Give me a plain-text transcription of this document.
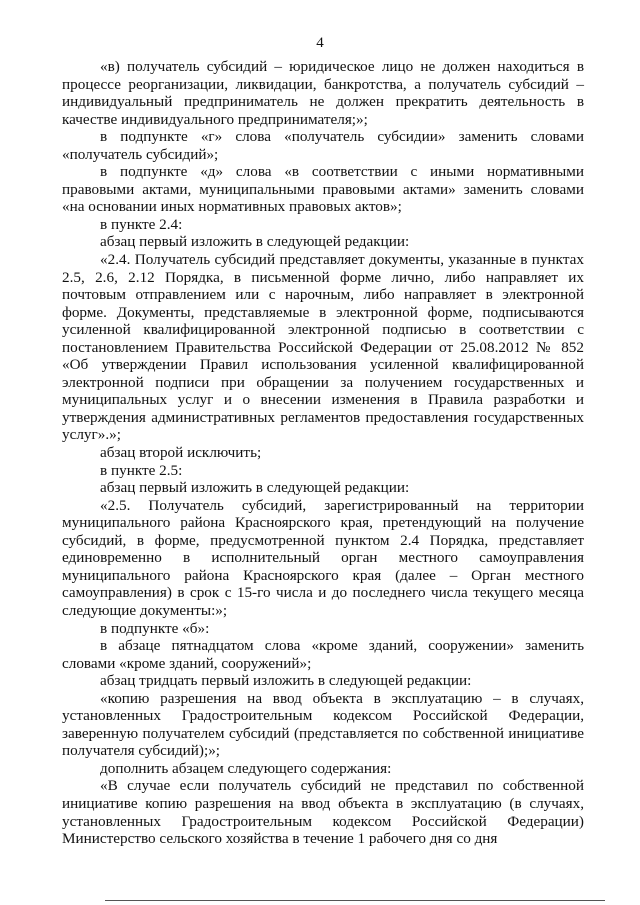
4

«в) получатель субсидий – юридическое лицо не должен находиться в процессе реорганизации, ликвидации, банкротства, а получатель субсидий – индивидуальный предприниматель не должен прекратить деятельность в качестве индивидуального предпринимателя;»;

в подпункте «г» слова «получатель субсидии» заменить словами «получатель субсидий»;

в подпункте «д» слова «в соответствии с иными нормативными правовыми актами, муниципальными правовыми актами» заменить словами «на основании иных нормативных правовых актов»;

в пункте 2.4:

абзац первый изложить в следующей редакции:

«2.4. Получатель субсидий представляет документы, указанные в пунктах 2.5, 2.6, 2.12 Порядка, в письменной форме лично, либо направляет их почтовым отправлением или с нарочным, либо направляет в электронной форме. Документы, представляемые в электронной форме, подписываются усиленной квалифицированной электронной подписью в соответствии с постановлением Правительства Российской Федерации от 25.08.2012 № 852 «Об утверждении Правил использования усиленной квалифицированной электронной подписи при обращении за получением государственных и муниципальных услуг и о внесении изменения в Правила разработки и утверждения административных регламентов предоставления государственных услуг».»;

абзац второй исключить;

в пункте 2.5:

абзац первый изложить в следующей редакции:

«2.5. Получатель субсидий, зарегистрированный на территории муниципального района Красноярского края, претендующий на получение субсидий, в форме, предусмотренной пунктом 2.4 Порядка, представляет единовременно в исполнительный орган местного самоуправления муниципального района Красноярского края (далее – Орган местного самоуправления) в срок с 15-го числа и до последнего числа текущего месяца следующие документы:»;

в подпункте «б»:

в абзаце пятнадцатом слова «кроме зданий, сооружении» заменить словами «кроме зданий, сооружений»;

абзац тридцать первый изложить в следующей редакции:

«копию разрешения на ввод объекта в эксплуатацию – в случаях, установленных Градостроительным кодексом Российской Федерации, заверенную получателем субсидий (представляется по собственной инициативе получателя субсидий);»;

дополнить абзацем следующего содержания:

«В случае если получатель субсидий не представил по собственной инициативе копию разрешения на ввод объекта в эксплуатацию (в случаях, установленных Градостроительным кодексом Российской Федерации) Министерство сельского хозяйства в течение 1 рабочего дня со дня
